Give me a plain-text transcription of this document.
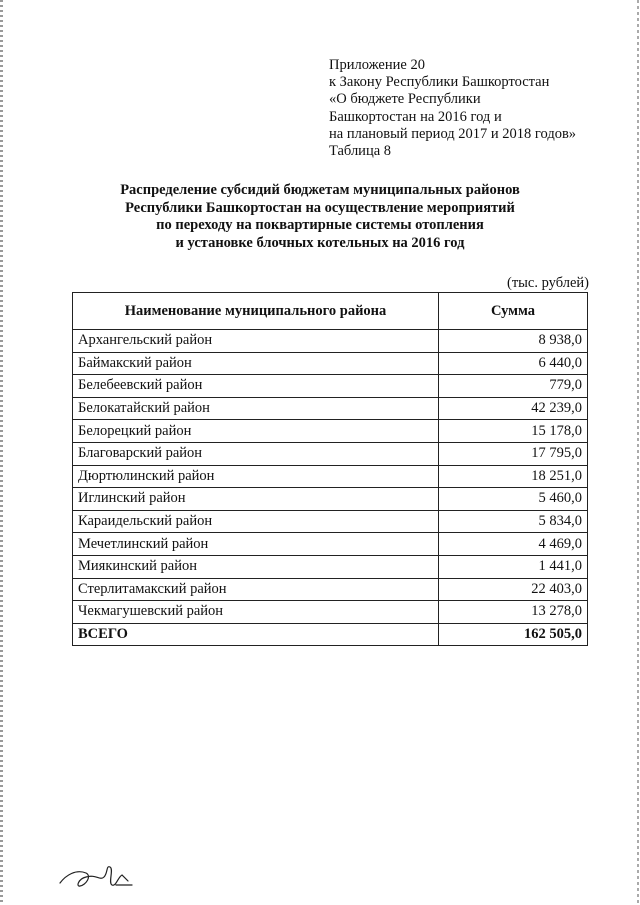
Приложение 20
к Закону Республики Башкортостан
«О бюджете Республики
Башкортостан на 2016 год и
на плановый период 2017 и 2018 годов»
Таблица 8
Распределение субсидий бюджетам муниципальных районов
Республики Башкортостан на осуществление мероприятий
по переходу на поквартирные системы отопления
и установке блочных котельных на 2016 год
(тыс. рублей)
Наименование муниципального района	Сумма
Архангельский район	8 938,0
Баймакский район	6 440,0
Белебеевский район	779,0
Белокатайский район	42 239,0
Белорецкий район	15 178,0
Благоварский район	17 795,0
Дюртюлинский район	18 251,0
Иглинский район	5 460,0
Караидельский район	5 834,0
Мечетлинский район	4 469,0
Миякинский район	1 441,0
Стерлитамакский район	22 403,0
Чекмагушевский район	13 278,0
ВСЕГО	162 505,0
